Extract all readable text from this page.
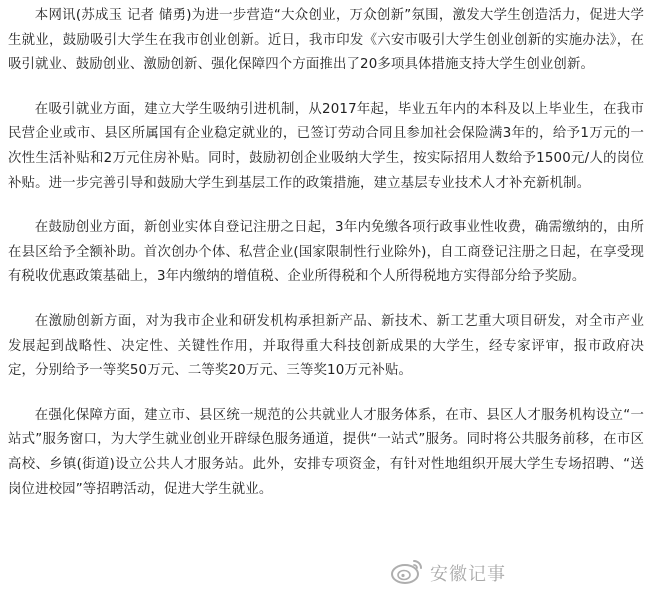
本网讯(苏成玉 记者 储勇)为进一步营造“大众创业，万众创新”氛围，激发大学生创造活力，促进大学生就业，鼓励吸引大学生在我市创业创新。近日，我市印发《六安市吸引大学生创业创新的实施办法》，在吸引就业、鼓励创业、激励创新、强化保障四个方面推出了20多项具体措施支持大学生创业创新。

在吸引就业方面，建立大学生吸纳引进机制，从2017年起，毕业五年内的本科及以上毕业生，在我市民营企业或市、县区所属国有企业稳定就业的，已签订劳动合同且参加社会保险满3年的，给予1万元的一次性生活补贴和2万元住房补贴。同时，鼓励初创企业吸纳大学生，按实际招用人数给予1500元/人的岗位补贴。进一步完善引导和鼓励大学生到基层工作的政策措施，建立基层专业技术人才补充新机制。

在鼓励创业方面，新创业实体自登记注册之日起，3年内免缴各项行政事业性收费，确需缴纳的，由所在县区给予全额补助。首次创办个体、私营企业(国家限制性行业除外)，自工商登记注册之日起，在享受现有税收优惠政策基础上，3年内缴纳的增值税、企业所得税和个人所得税地方实得部分给予奖励。

在激励创新方面，对为我市企业和研发机构承担新产品、新技术、新工艺重大项目研发，对全市产业发展起到战略性、决定性、关键性作用，并取得重大科技创新成果的大学生，经专家评审，报市政府决定，分别给予一等奖50万元、二等奖20万元、三等奖10万元补贴。

在强化保障方面，建立市、县区统一规范的公共就业人才服务体系，在市、县区人才服务机构设立“一站式”服务窗口，为大学生就业创业开辟绿色服务通道，提供“一站式”服务。同时将公共服务前移，在市区高校、乡镇(街道)设立公共人才服务站。此外，安排专项资金，有针对性地组织开展大学生专场招聘、“送岗位进校园”等招聘活动，促进大学生就业。

安徽记事
